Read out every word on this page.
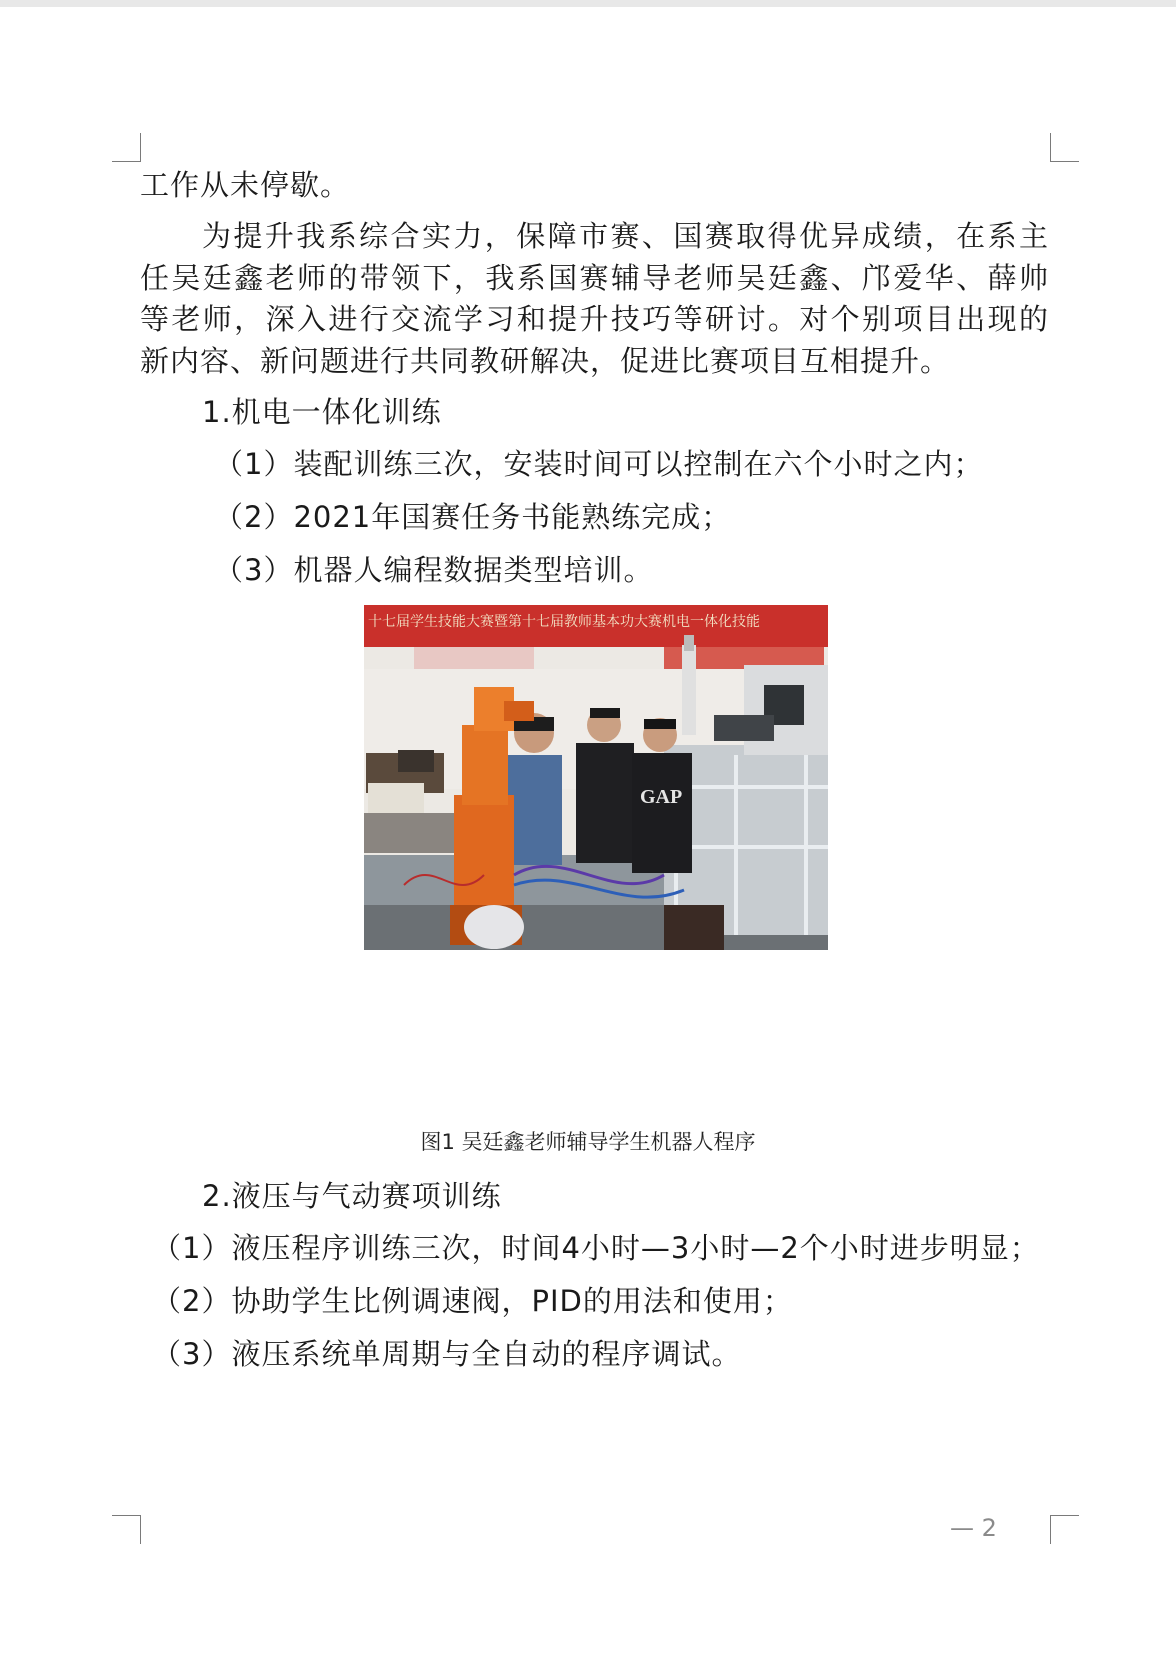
工作从未停歇。
为提升我系综合实力，保障市赛、国赛取得优异成绩，在系主
任吴廷鑫老师的带领下，我系国赛辅导老师吴廷鑫、邝爱华、薛帅
等老师，深入进行交流学习和提升技巧等研讨。对个别项目出现的
新内容、新问题进行共同教研解决，促进比赛项目互相提升。
1.机电一体化训练
（1）装配训练三次，安装时间可以控制在六个小时之内；
（2）2021年国赛任务书能熟练完成；
（3）机器人编程数据类型培训。
十七届学生技能大赛暨第十七届教师基本功大赛机电一体化技能
GAP
图1 吴廷鑫老师辅导学生机器人程序
2.液压与气动赛项训练
（1）液压程序训练三次，时间4小时—3小时—2个小时进步明显；
（2）协助学生比例调速阀，PID的用法和使用；
（3）液压系统单周期与全自动的程序调试。
— 2
